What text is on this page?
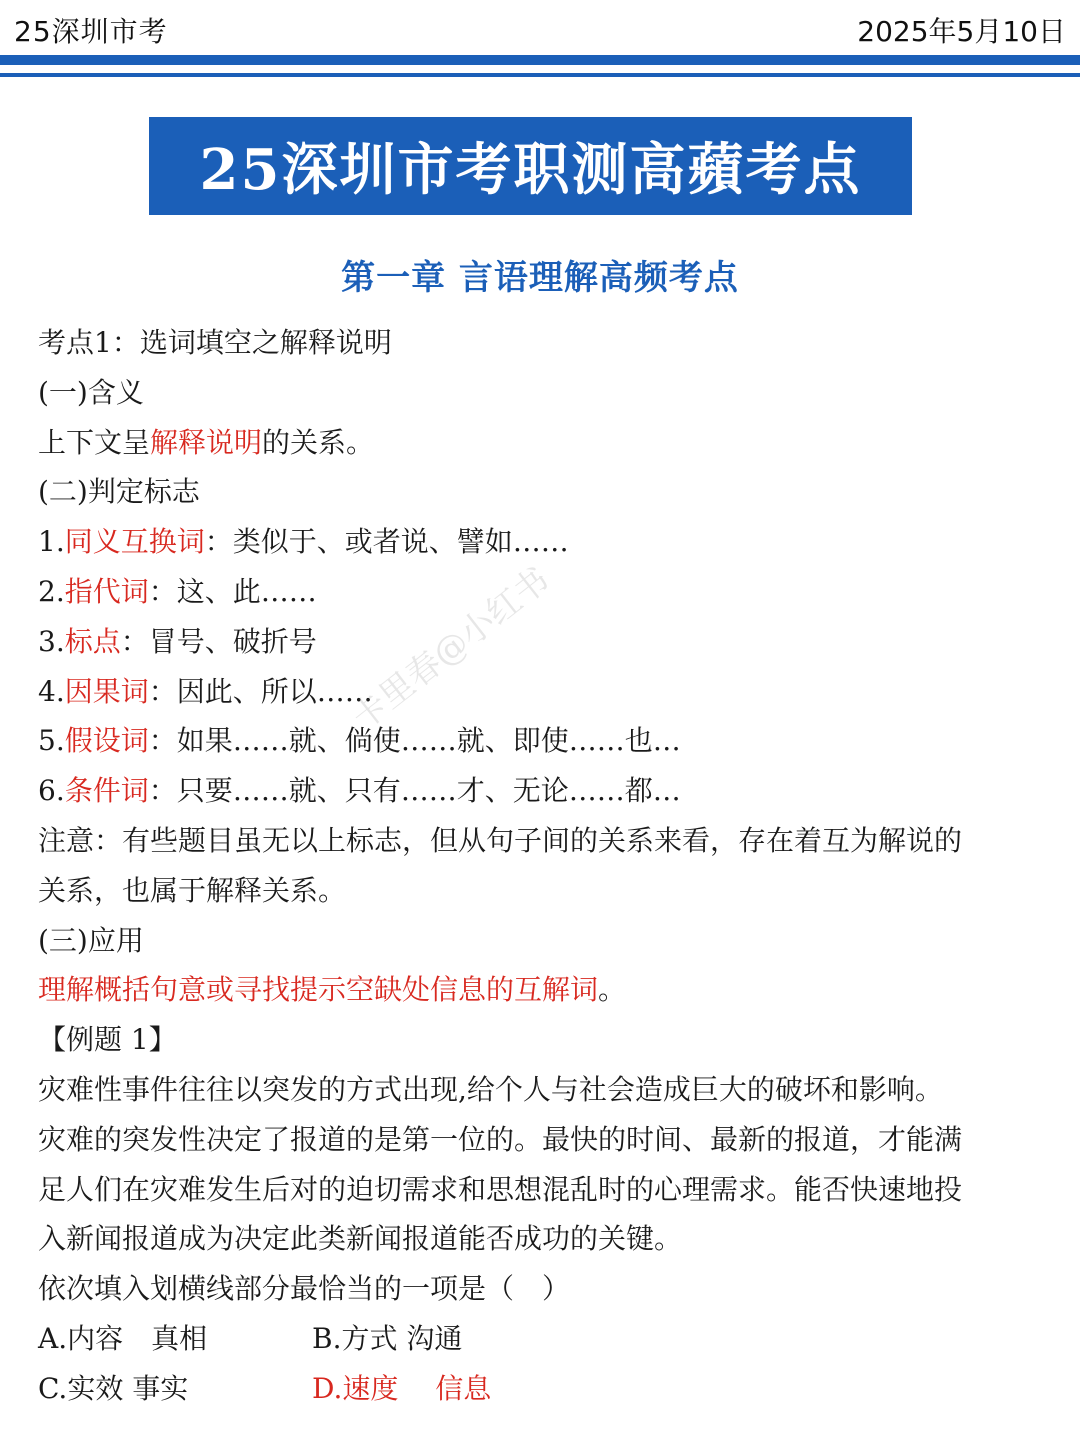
25深圳市考	2025年5月10日
25深圳市考职测高蘋考点
第一章 言语理解高频考点
考点1：选词填空之解释说明
(一)含义
上下文呈解释说明的关系。
(二)判定标志
1.同义互换词：类似于、或者说、譬如……
2.指代词：这、此……
3.标点：冒号、破折号
4.因果词：因此、所以……
5.假设词：如果……就、倘使……就、即使……也…
6.条件词：只要……就、只有……才、无论……都…
注意：有些题目虽无以上标志，但从句子间的关系来看，存在着互为解说的
关系，也属于解释关系。
(三)应用
理解概括句意或寻找提示空缺处信息的互解词。
【例题 1】
灾难性事件往往以突发的方式出现,给个人与社会造成巨大的破坏和影响。
灾难的突发性决定了报道的是第一位的。最快的时间、最新的报道，才能满
足人们在灾难发生后对的迫切需求和思想混乱时的心理需求。能否快速地投
入新闻报道成为决定此类新闻报道能否成功的关键。
依次填入划横线部分最恰当的一项是（　）
A.内容　真相	B.方式 沟通
C.实效 事实	D.速度　 信息
卡里春@小红书
